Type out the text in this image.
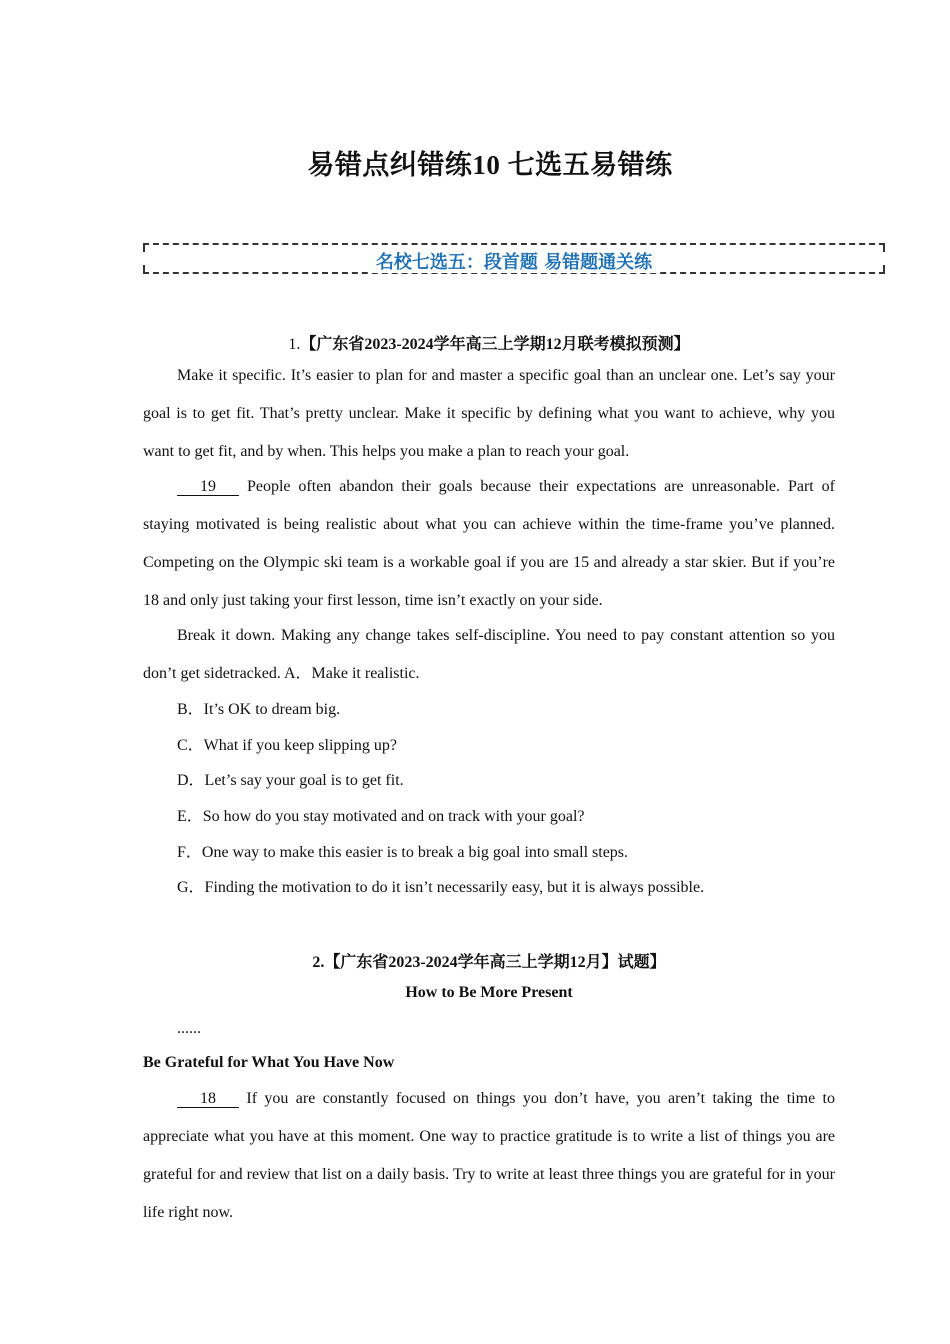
易错点纠错练10 七选五易错练
名校七选五：段首题 易错题通关练
1.【广东省2023-2024学年高三上学期12月联考模拟预测】
Make it specific. It’s easier to plan for and master a specific goal than an unclear one. Let’s say your goal is to get fit. That’s pretty unclear. Make it specific by defining what you want to achieve, why you want to get fit, and by when. This helps you make a plan to reach your goal.
19 People often abandon their goals because their expectations are unreasonable. Part of staying motivated is being realistic about what you can achieve within the time-frame you’ve planned. Competing on the Olympic ski team is a workable goal if you are 15 and already a star skier. But if you’re 18 and only just taking your first lesson, time isn’t exactly on your side.
Break it down. Making any change takes self-discipline. You need to pay constant attention so you don’t get sidetracked. A．Make it realistic.
B．It’s OK to dream big.
C．What if you keep slipping up?
D．Let’s say your goal is to get fit.
E．So how do you stay motivated and on track with your goal?
F．One way to make this easier is to break a big goal into small steps.
G．Finding the motivation to do it isn’t necessarily easy, but it is always possible.
2.【广东省2023-2024学年高三上学期12月】试题】
How to Be More Present
......
Be Grateful for What You Have Now
18 If you are constantly focused on things you don’t have, you aren’t taking the time to appreciate what you have at this moment. One way to practice gratitude is to write a list of things you are grateful for and review that list on a daily basis. Try to write at least three things you are grateful for in your life right now.
